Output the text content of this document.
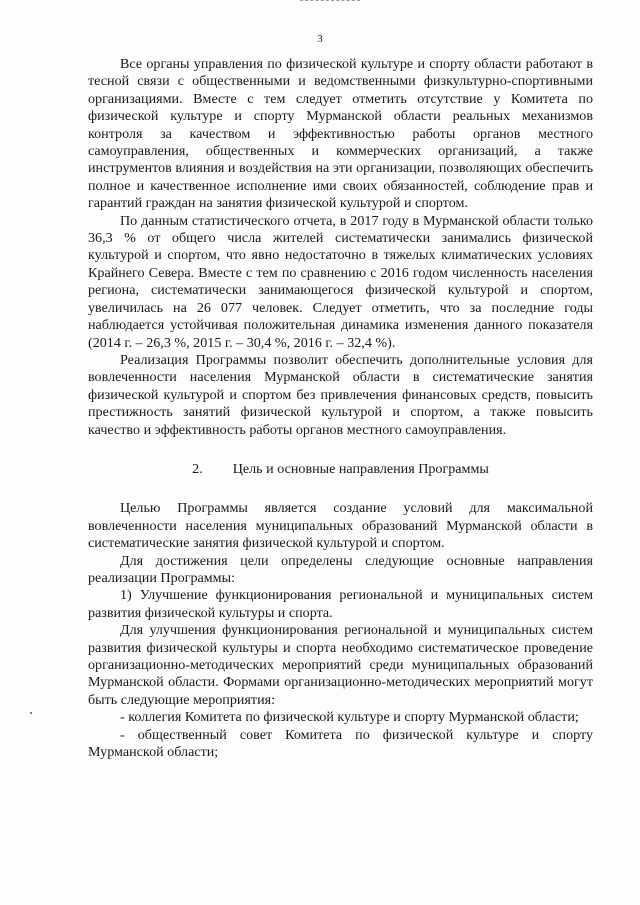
3

Все органы управления по физической культуре и спорту области работают в тесной связи с общественными и ведомственными физкультурно-спортивными организациями. Вместе с тем следует отметить отсутствие у Комитета по физической культуре и спорту Мурманской области реальных механизмов контроля за качеством и эффективностью работы органов местного самоуправления, общественных и коммерческих организаций, а также инструментов влияния и воздействия на эти организации, позволяющих обеспечить полное и качественное исполнение ими своих обязанностей, соблюдение прав и гарантий граждан на занятия физической культурой и спортом.

По данным статистического отчета, в 2017 году в Мурманской области только 36,3 % от общего числа жителей систематически занимались физической культурой и спортом, что явно недостаточно в тяжелых климатических условиях Крайнего Севера. Вместе с тем по сравнению с 2016 годом численность населения региона, систематически занимающегося физической культурой и спортом, увеличилась на 26 077 человек. Следует отметить, что за последние годы наблюдается устойчивая положительная динамика изменения данного показателя (2014 г. – 26,3 %, 2015 г. – 30,4 %, 2016 г. – 32,4 %).

Реализация Программы позволит обеспечить дополнительные условия для вовлеченности населения Мурманской области в систематические занятия физической культурой и спортом без привлечения финансовых средств, повысить престижность занятий физической культурой и спортом, а также повысить качество и эффективность работы органов местного самоуправления.

2. Цель и основные направления Программы

Целью Программы является создание условий для максимальной вовлеченности населения муниципальных образований Мурманской области в систематические занятия физической культурой и спортом.

Для достижения цели определены следующие основные направления реализации Программы:

1) Улучшение функционирования региональной и муниципальных систем развития физической культуры и спорта.

Для улучшения функционирования региональной и муниципальных систем развития физической культуры и спорта необходимо систематическое проведение организационно-методических мероприятий среди муниципальных образований Мурманской области. Формами организационно-методических мероприятий могут быть следующие мероприятия:

- коллегия Комитета по физической культуре и спорту Мурманской области;

- общественный совет Комитета по физической культуре и спорту Мурманской области;
